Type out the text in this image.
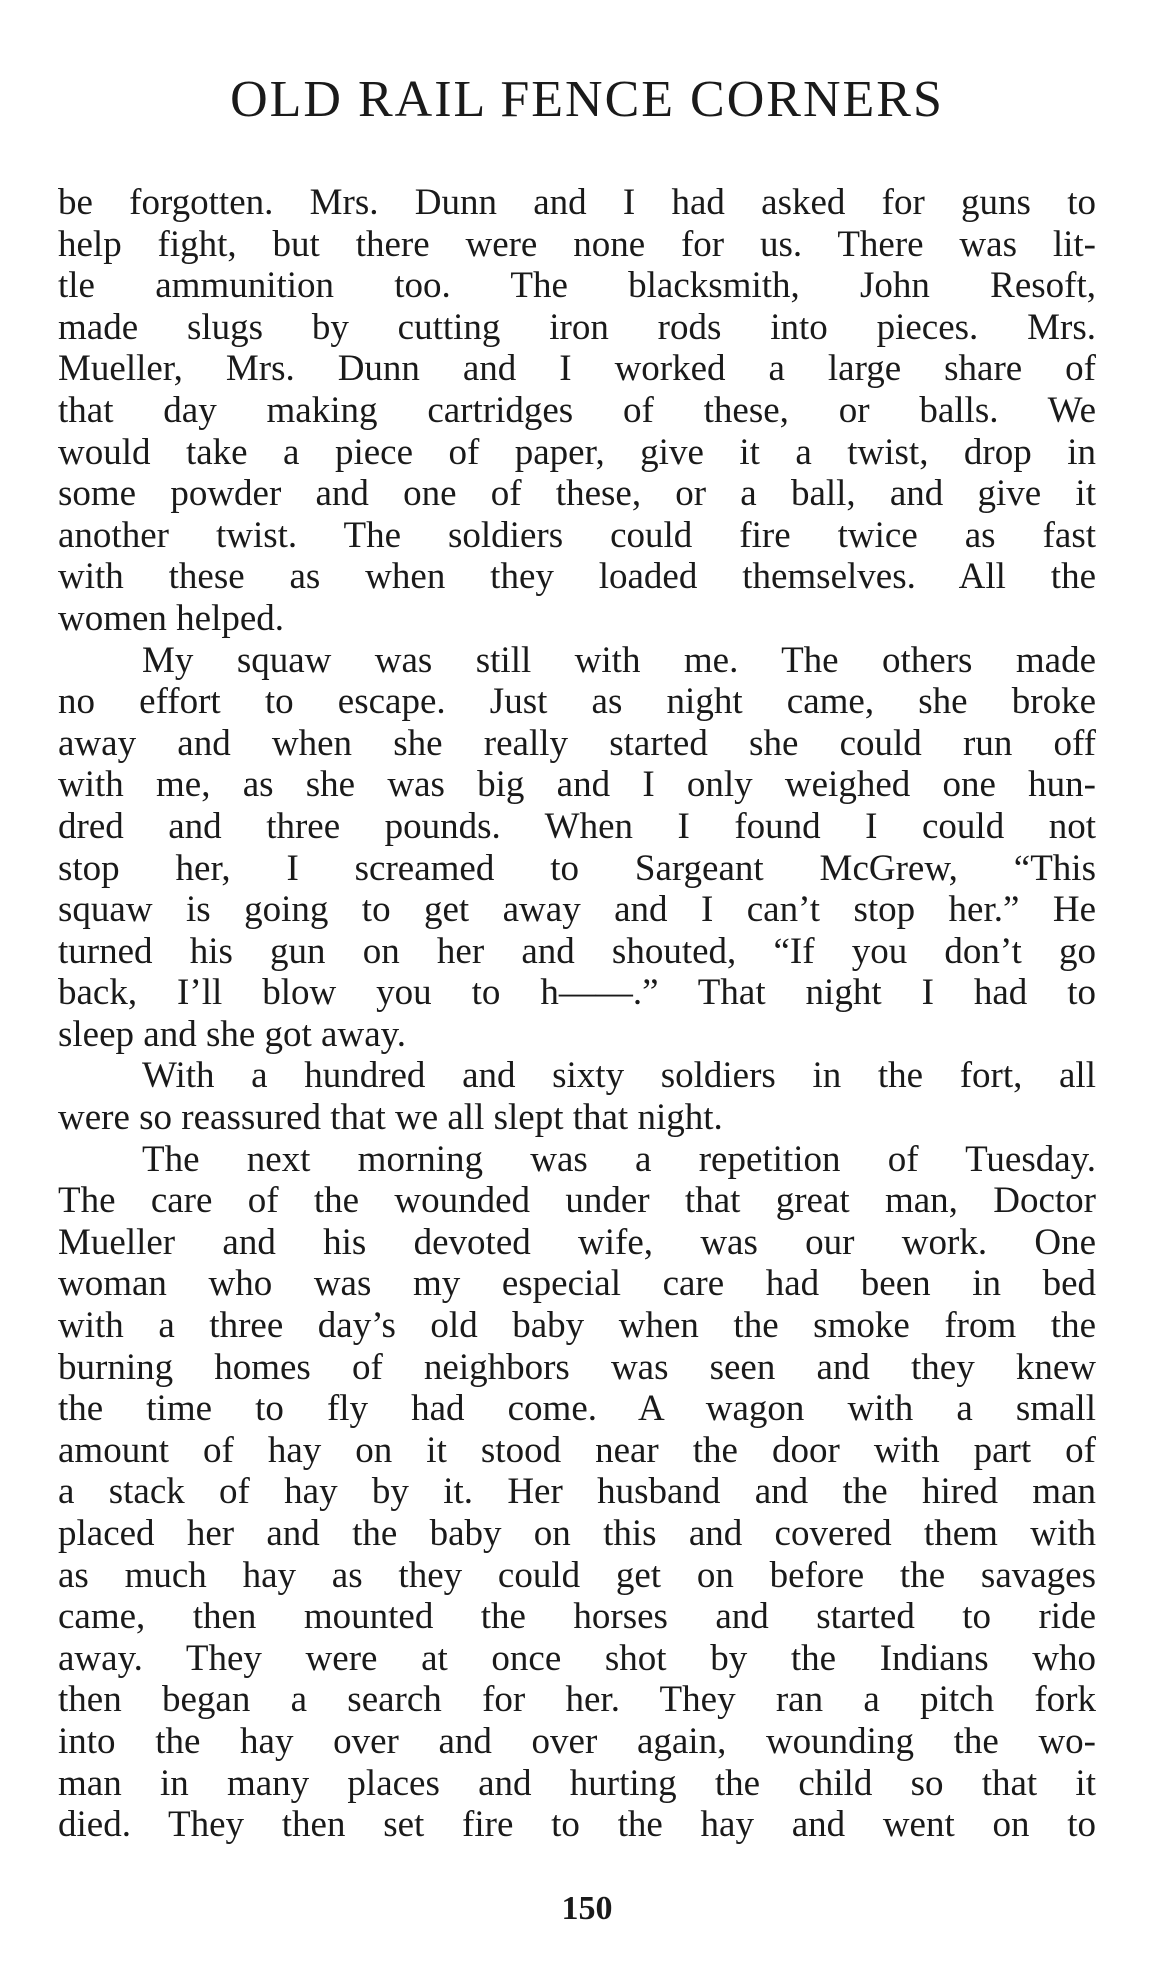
OLD RAIL FENCE CORNERS
be forgotten. Mrs. Dunn and I had asked for guns to
help fight, but there were none for us. There was lit-
tle ammunition too. The blacksmith, John Resoft,
made slugs by cutting iron rods into pieces. Mrs.
Mueller, Mrs. Dunn and I worked a large share of
that day making cartridges of these, or balls. We
would take a piece of paper, give it a twist, drop in
some powder and one of these, or a ball, and give it
another twist. The soldiers could fire twice as fast
with these as when they loaded themselves. All the
women helped.
My squaw was still with me. The others made
no effort to escape. Just as night came, she broke
away and when she really started she could run off
with me, as she was big and I only weighed one hun-
dred and three pounds. When I found I could not
stop her, I screamed to Sargeant McGrew, “This
squaw is going to get away and I can’t stop her.” He
turned his gun on her and shouted, “If you don’t go
back, I’ll blow you to h——.” That night I had to
sleep and she got away.
With a hundred and sixty soldiers in the fort, all
were so reassured that we all slept that night.
The next morning was a repetition of Tuesday.
The care of the wounded under that great man, Doctor
Mueller and his devoted wife, was our work. One
woman who was my especial care had been in bed
with a three day’s old baby when the smoke from the
burning homes of neighbors was seen and they knew
the time to fly had come. A wagon with a small
amount of hay on it stood near the door with part of
a stack of hay by it. Her husband and the hired man
placed her and the baby on this and covered them with
as much hay as they could get on before the savages
came, then mounted the horses and started to ride
away. They were at once shot by the Indians who
then began a search for her. They ran a pitch fork
into the hay over and over again, wounding the wo-
man in many places and hurting the child so that it
died. They then set fire to the hay and went on to
150
